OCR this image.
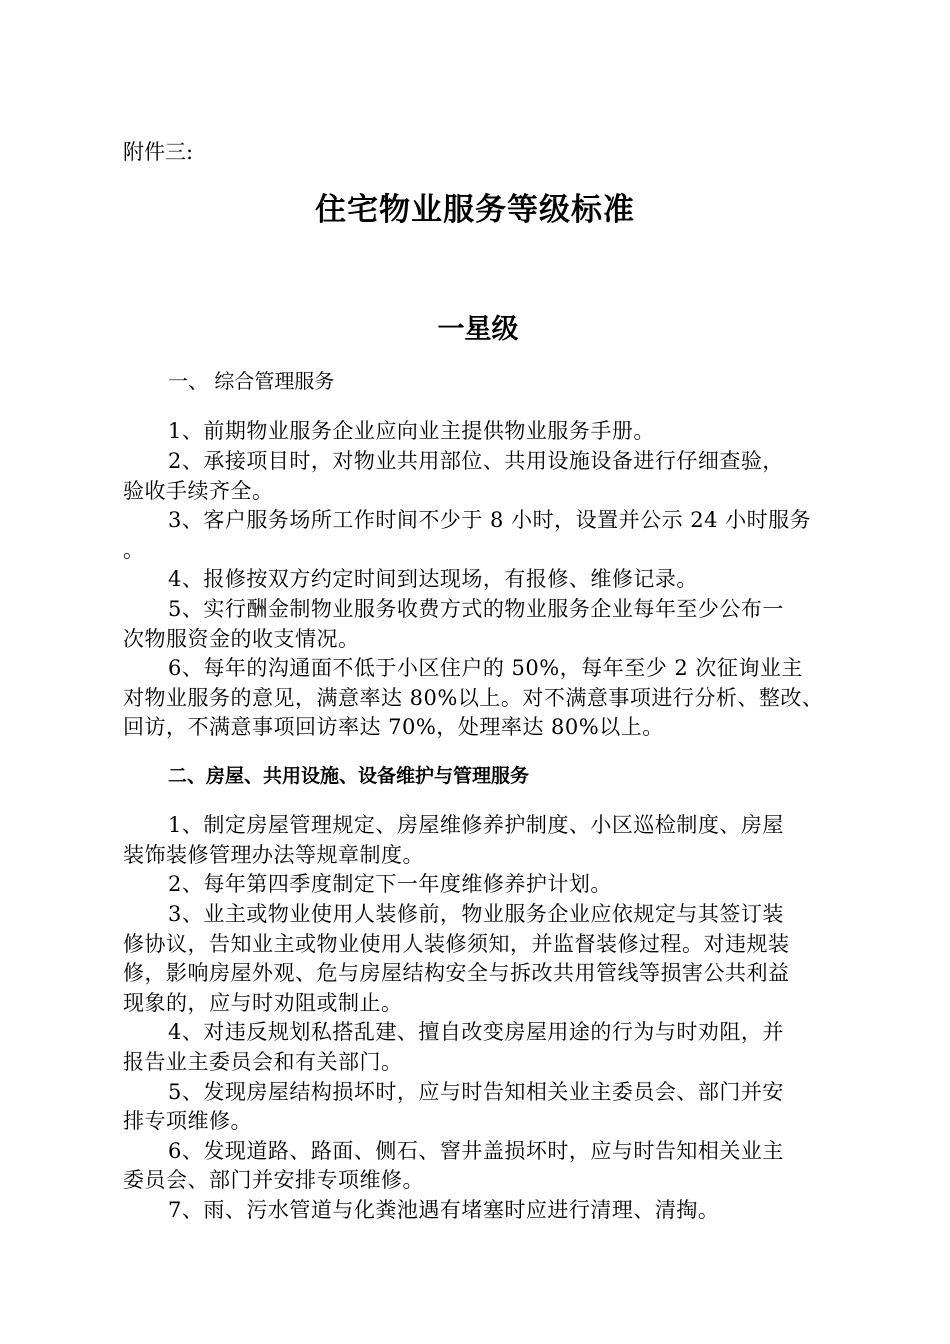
附件三:
住宅物业服务等级标准
一星级
一、 综合管理服务
1、前期物业服务企业应向业主提供物业服务手册。
2、承接项目时，对物业共用部位、共用设施设备进行仔细查验，
验收手续齐全。
3、客户服务场所工作时间不少于 8 小时，设置并公示 24 小时服务
。
4、报修按双方约定时间到达现场，有报修、维修记录。
5、实行酬金制物业服务收费方式的物业服务企业每年至少公布一
次物服资金的收支情况。
6、每年的沟通面不低于小区住户的 50%，每年至少 2 次征询业主
对物业服务的意见，满意率达 80%以上。对不满意事项进行分析、整改、
回访，不满意事项回访率达 70%，处理率达 80%以上。
二、房屋、共用设施、设备维护与管理服务
1、制定房屋管理规定、房屋维修养护制度、小区巡检制度、房屋
装饰装修管理办法等规章制度。
2、每年第四季度制定下一年度维修养护计划。
3、业主或物业使用人装修前，物业服务企业应依规定与其签订装
修协议，告知业主或物业使用人装修须知，并监督装修过程。对违规装
修，影响房屋外观、危与房屋结构安全与拆改共用管线等损害公共利益
现象的，应与时劝阻或制止。
4、对违反规划私搭乱建、擅自改变房屋用途的行为与时劝阻，并
报告业主委员会和有关部门。
5、发现房屋结构损坏时，应与时告知相关业主委员会、部门并安
排专项维修。
6、发现道路、路面、侧石、窨井盖损坏时，应与时告知相关业主
委员会、部门并安排专项维修。
7、雨、污水管道与化粪池遇有堵塞时应进行清理、清掏。
